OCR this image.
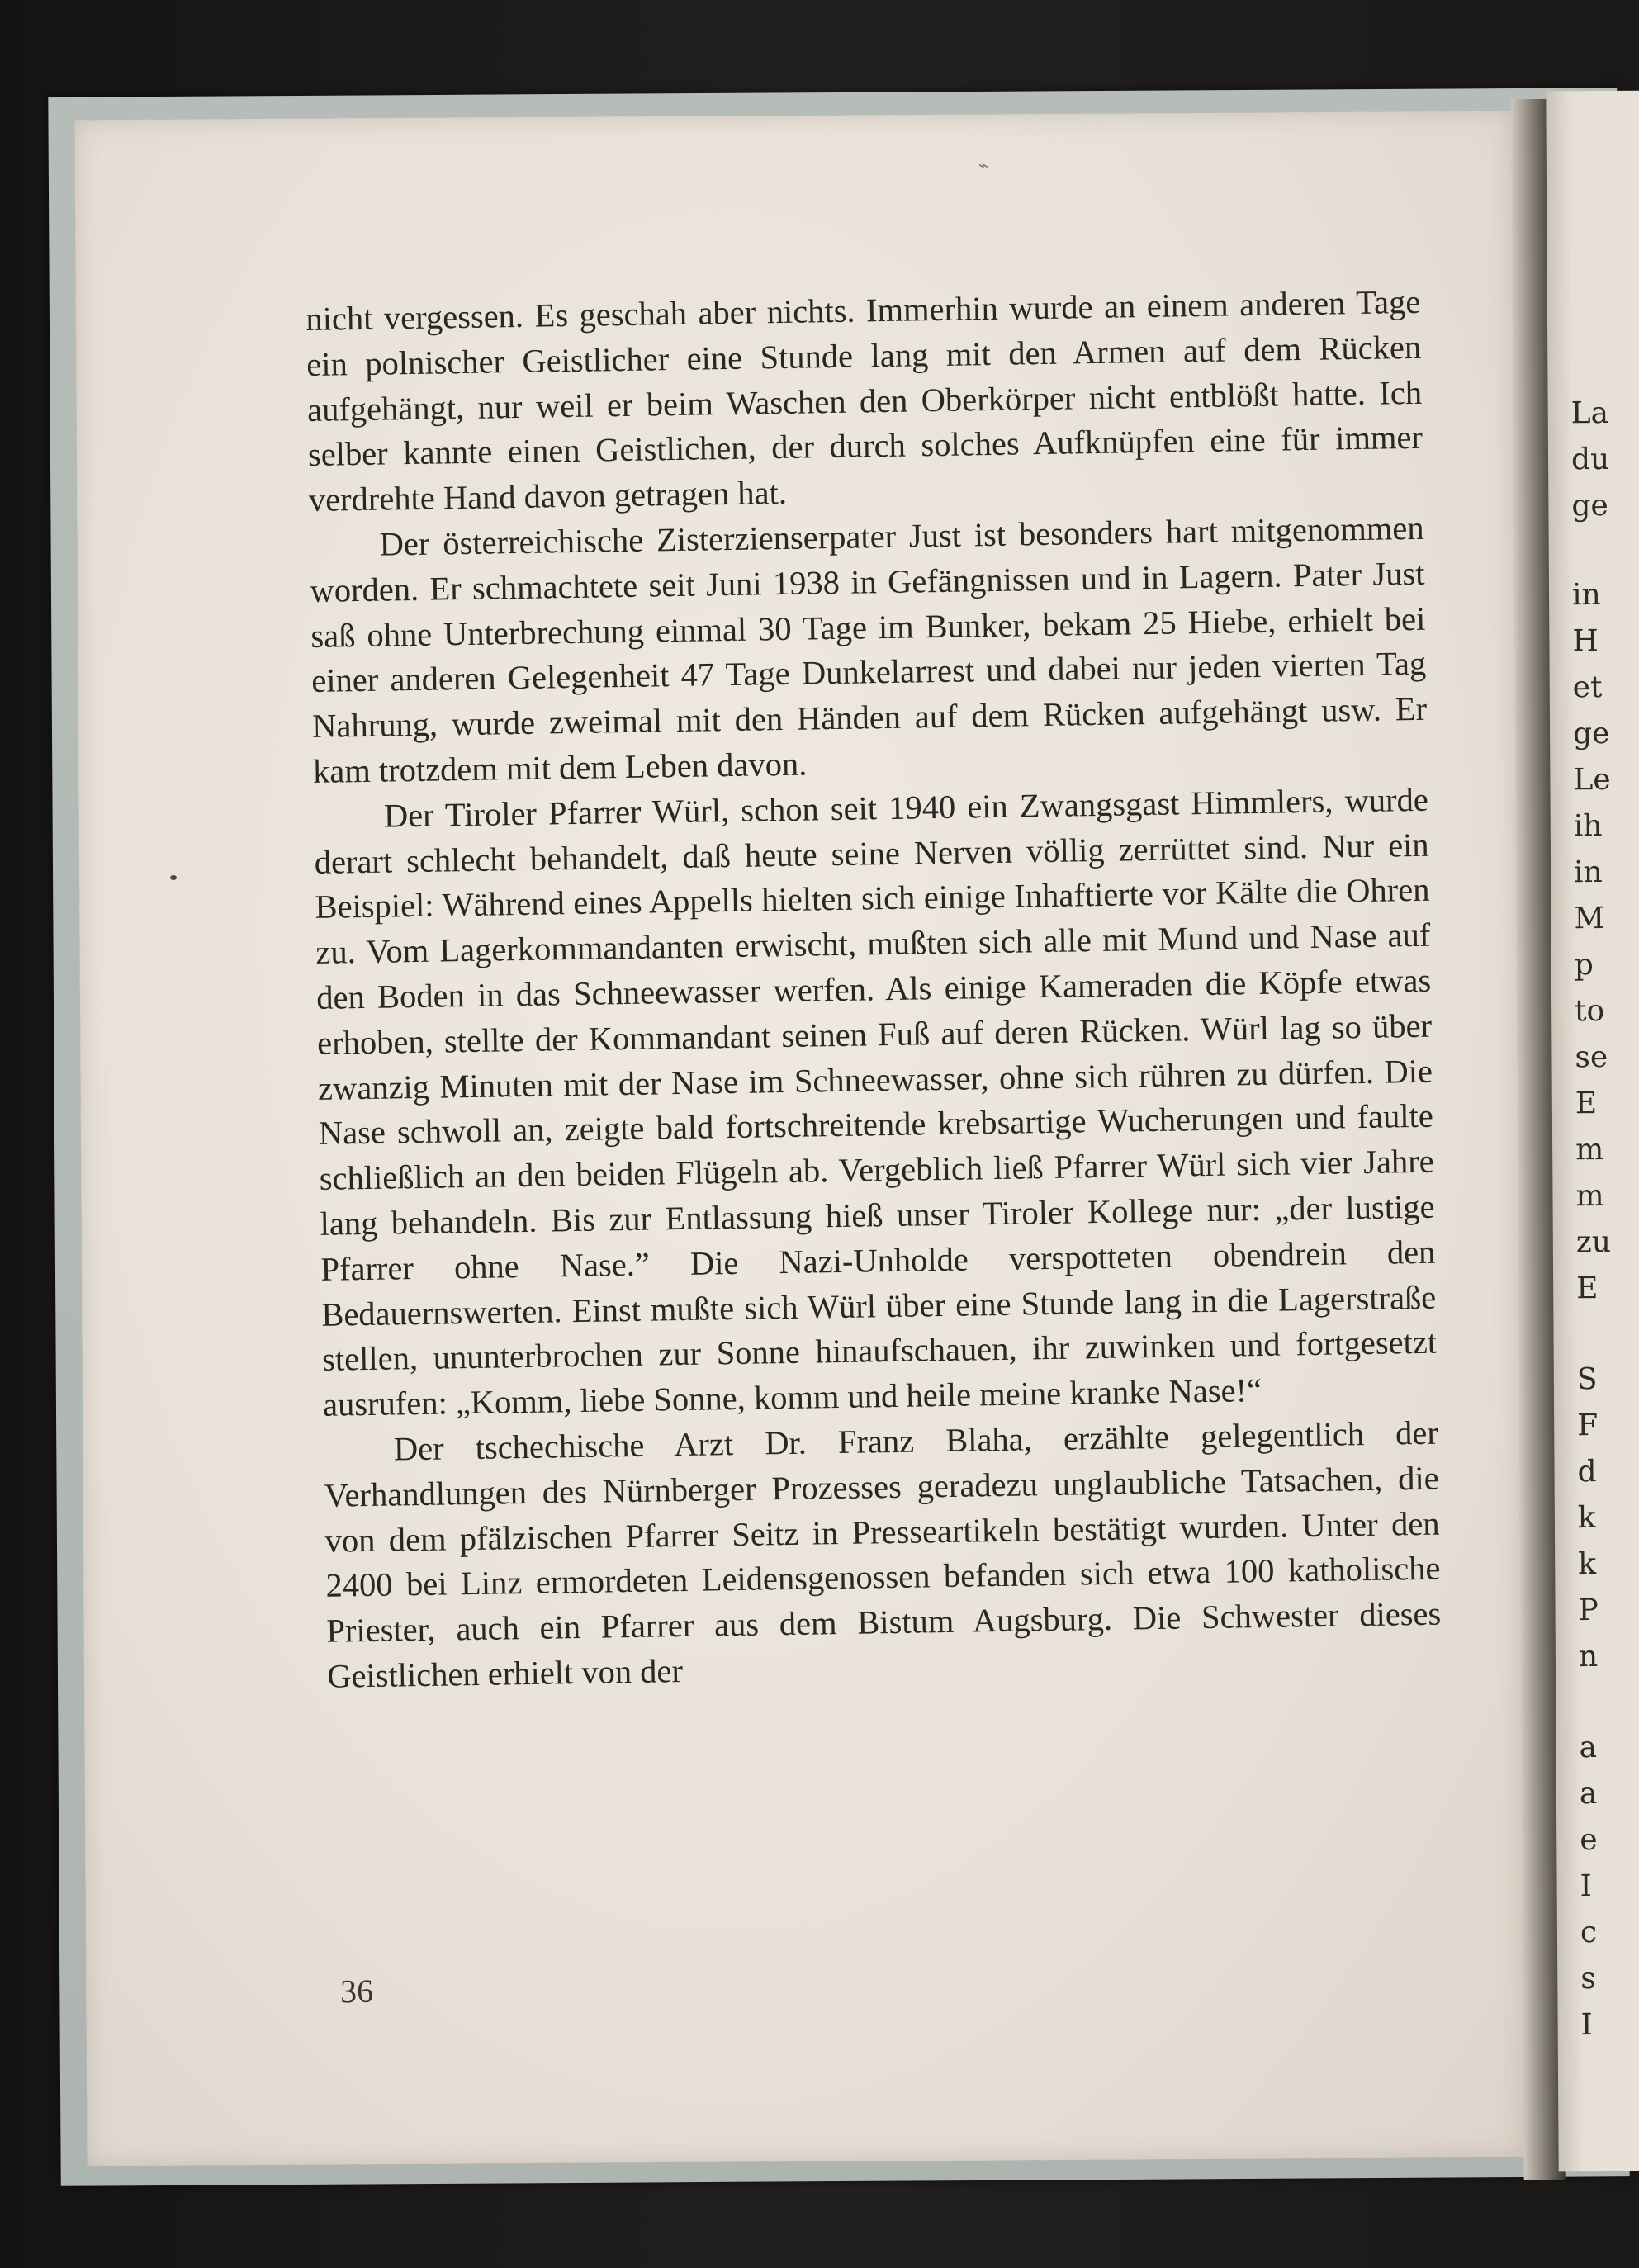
La
du
ge
in
H
et
ge
Le
ih
in
M
p
to
se
E
m
m
zu
E
S
F
d
k
k
P
n
a
a
e
I
c
s
I
⌁

nicht vergessen. Es geschah aber nichts. Immerhin wurde an einem anderen Tage ein polnischer Geistlicher eine Stunde lang mit den Armen auf dem Rücken aufgehängt, nur weil er beim Waschen den Oberkörper nicht entblößt hatte. Ich selber kannte einen Geistlichen, der durch solches Aufknüpfen eine für immer verdrehte Hand davon getragen hat.

Der österreichische Zisterzienserpater Just ist besonders hart mitgenommen worden. Er schmachtete seit Juni 1938 in Gefängnissen und in Lagern. Pater Just saß ohne Unterbrechung einmal 30 Tage im Bunker, bekam 25 Hiebe, erhielt bei einer anderen Gelegenheit 47 Tage Dunkelarrest und dabei nur jeden vierten Tag Nahrung, wurde zweimal mit den Händen auf dem Rücken aufgehängt usw. Er kam trotzdem mit dem Leben davon.

Der Tiroler Pfarrer Würl, schon seit 1940 ein Zwangsgast Himmlers, wurde derart schlecht behandelt, daß heute seine Nerven völlig zerrüttet sind. Nur ein Beispiel: Während eines Appells hielten sich einige Inhaftierte vor Kälte die Ohren zu. Vom Lagerkommandanten erwischt, mußten sich alle mit Mund und Nase auf den Boden in das Schneewasser werfen. Als einige Kameraden die Köpfe etwas erhoben, stellte der Kommandant seinen Fuß auf deren Rücken. Würl lag so über zwanzig Minuten mit der Nase im Schneewasser, ohne sich rühren zu dürfen. Die Nase schwoll an, zeigte bald fortschreitende krebsartige Wucherungen und faulte schließlich an den beiden Flügeln ab. Vergeblich ließ Pfarrer Würl sich vier Jahre lang behandeln. Bis zur Entlassung hieß unser Tiroler Kollege nur: „der lustige Pfarrer ohne Nase.” Die Nazi-Unholde verspotteten obendrein den Bedauernswerten. Einst mußte sich Würl über eine Stunde lang in die Lagerstraße stellen, ununterbrochen zur Sonne hinaufschauen, ihr zuwinken und fortgesetzt ausrufen: „Komm, liebe Sonne, komm und heile meine kranke Nase!“

Der tschechische Arzt Dr. Franz Blaha, erzählte gelegentlich der Verhandlungen des Nürnberger Prozesses geradezu unglaubliche Tatsachen, die von dem pfälzischen Pfarrer Seitz in Presseartikeln bestätigt wurden. Unter den 2400 bei Linz ermordeten Leidensgenossen befanden sich etwa 100 katholische Priester, auch ein Pfarrer aus dem Bistum Augsburg. Die Schwester dieses Geistlichen erhielt von der

36
